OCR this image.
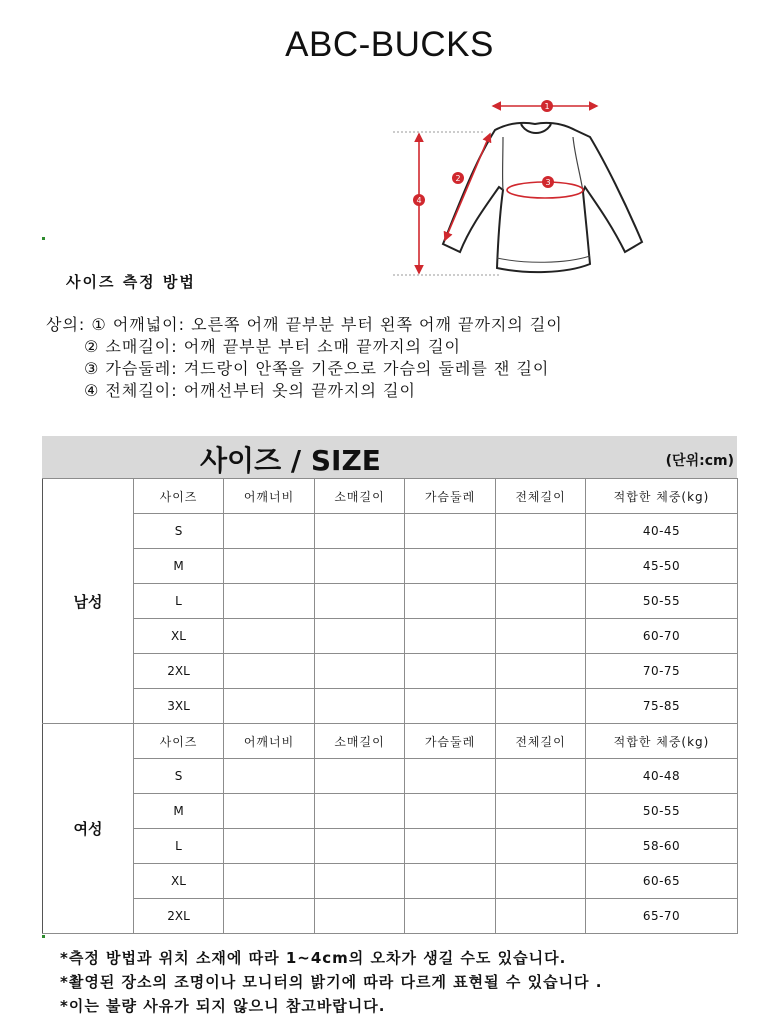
ABC-BUCKS
1
2	3
4
사이즈 측정 방법
상의: ① 어깨넓이: 오른쪽 어깨 끝부분 부터 왼쪽 어깨 끝까지의 길이
② 소매길이: 어깨 끝부분 부터 소매 끝까지의 길이
③ 가슴둘레: 겨드랑이 안쪽을 기준으로 가슴의 둘레를 잰 길이
④ 전체길이: 어깨선부터 옷의 끝까지의 길이
사이즈 / SIZE	(단위:cm)
남성	사이즈	어깨너비	소매길이	가슴둘레	전체길이	적합한 체중(kg)
	S					40-45
	M					45-50
	L					50-55
	XL					60-70
	2XL					70-75
	3XL					75-85
여성	사이즈	어깨너비	소매길이	가슴둘레	전체길이	적합한 체중(kg)
	S					40-48
	M					50-55
	L					58-60
	XL					60-65
	2XL					65-70
*측정 방법과 위치 소재에 따라 1~4cm의 오차가 생길 수도 있습니다.
*촬영된 장소의 조명이나 모니터의 밝기에 따라 다르게 표현될 수 있습니다 .
*이는 불량 사유가 되지 않으니 참고바랍니다.
